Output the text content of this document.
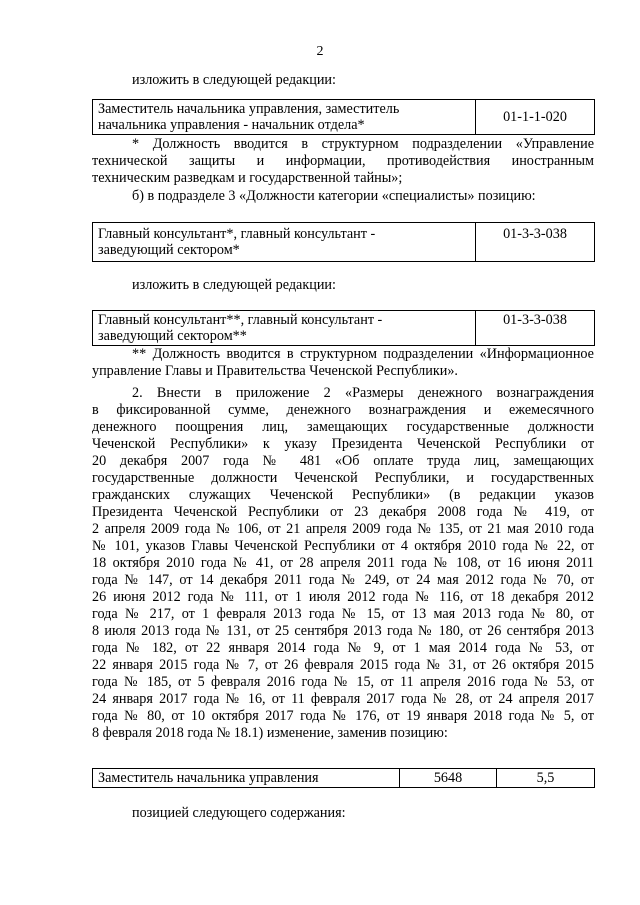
2
изложить в следующей редакции:
Заместитель начальника управления, заместитель
начальника управления - начальник отдела*	01-1-1-020
* Должность вводится в структурном подразделении «Управление
технической защиты и информации, противодействия иностранным
техническим разведкам и государственной тайны»;
б) в подразделе 3 «Должности категории «специалисты» позицию:
Главный консультант*, главный консультант -
заведующий сектором*	01-3-3-038
изложить в следующей редакции:
Главный консультант**, главный консультант -
заведующий сектором**	01-3-3-038
** Должность вводится в структурном подразделении «Информационное
управление Главы и Правительства Чеченской Республики».
2. Внести в приложение 2 «Размеры денежного вознаграждения
в фиксированной сумме, денежного вознаграждения и ежемесячного
денежного поощрения лиц, замещающих государственные должности
Чеченской Республики» к указу Президента Чеченской Республики от
20 декабря 2007 года № 481 «Об оплате труда лиц, замещающих
государственные должности Чеченской Республики, и государственных
гражданских служащих Чеченской Республики» (в редакции указов
Президента Чеченской Республики от 23 декабря 2008 года № 419, от
2 апреля 2009 года № 106, от 21 апреля 2009 года № 135, от 21 мая 2010 года
№ 101, указов Главы Чеченской Республики от 4 октября 2010 года № 22, от
18 октября 2010 года № 41, от 28 апреля 2011 года № 108, от 16 июня 2011
года № 147, от 14 декабря 2011 года № 249, от 24 мая 2012 года № 70, от
26 июня 2012 года № 111, от 1 июля 2012 года № 116, от 18 декабря 2012
года № 217, от 1 февраля 2013 года № 15, от 13 мая 2013 года № 80, от
8 июля 2013 года № 131, от 25 сентября 2013 года № 180, от 26 сентября 2013
года № 182, от 22 января 2014 года № 9, от 1 мая 2014 года № 53, от
22 января 2015 года № 7, от 26 февраля 2015 года № 31, от 26 октября 2015
года № 185, от 5 февраля 2016 года № 15, от 11 апреля 2016 года № 53, от
24 января 2017 года № 16, от 11 февраля 2017 года № 28, от 24 апреля 2017
года № 80, от 10 октября 2017 года № 176, от 19 января 2018 года № 5, от
8 февраля 2018 года № 18.1) изменение, заменив позицию:
Заместитель начальника управления	5648	5,5
позицией следующего содержания:
